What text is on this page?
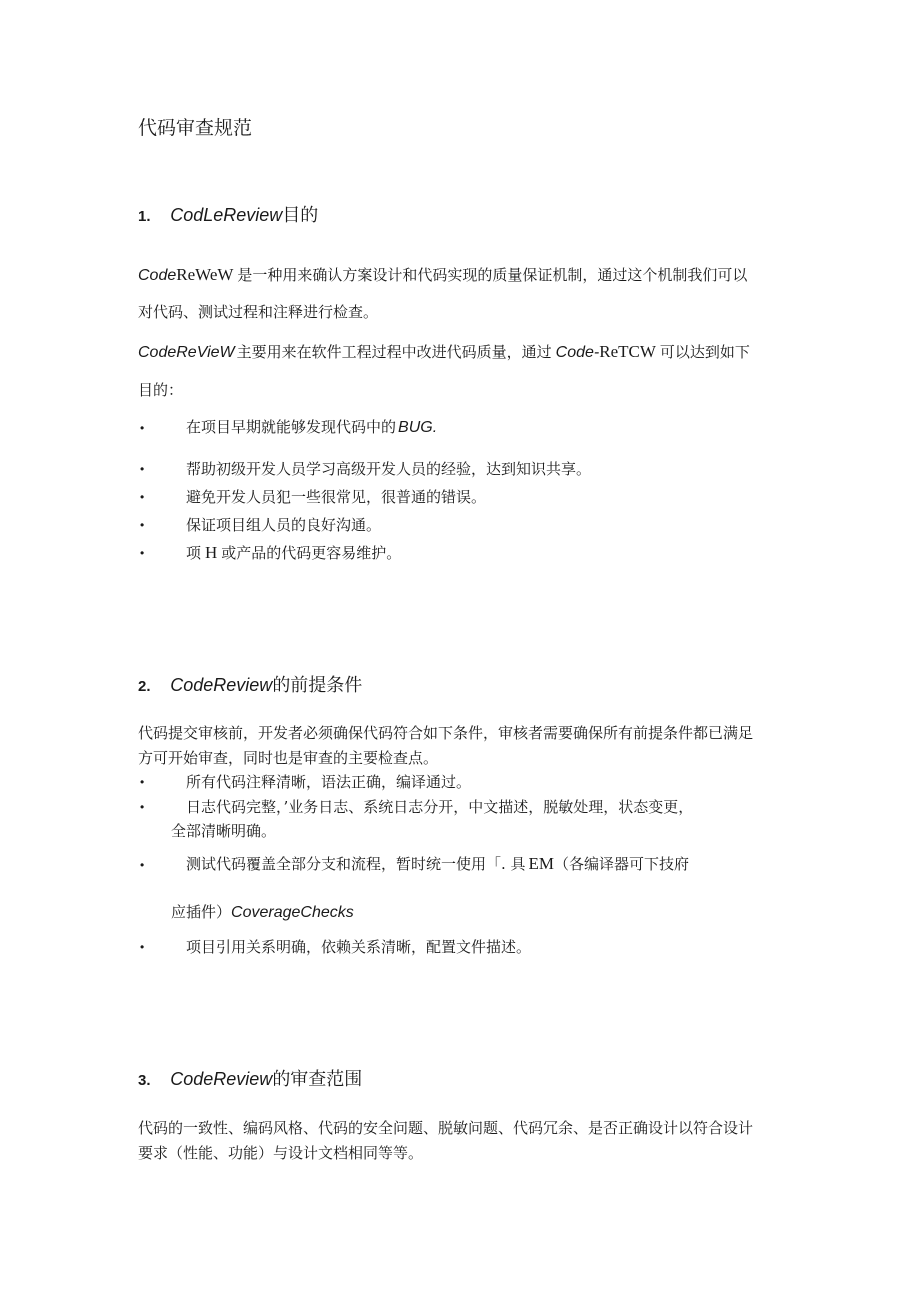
代码审查规范
1. CodLeReview目的
CodeReWeW 是一种用来确认方案设计和代码实现的质量保证机制，通过这个机制我们可以
对代码、测试过程和注释进行检查。
CodeReVieW 主要用来在软件工程过程中改进代码质量，通过 Code-ReTCW 可以达到如下
目的：
•	在项目早期就能够发现代码中的 BUG.
•	帮助初级开发人员学习高级开发人员的经验，达到知识共享。
•	避免开发人员犯一些很常见，很普通的错误。
•	保证项目组人员的良好沟通。
•	项 H 或产品的代码更容易维护。
2. CodeReview的前提条件
代码提交审核前，开发者必须确保代码符合如下条件，审核者需要确保所有前提条件都已满足
方可开始审查，同时也是审查的主要检查点。
•	所有代码注释清晰，语法正确，编译通过。
•	日志代码完整，’业务日志、系统日志分开，中文描述，脱敏处理，状态变更，
全部清晰明确。
•	测试代码覆盖全部分支和流程，暂时统一使用「. 具 EM（各编译器可下技府
应插件）CoverageChecks
•	项目引用关系明确，依赖关系清晰，配置文件描述。
3. CodeReview的审查范围
代码的一致性、编码风格、代码的安全问题、脱敏问题、代码冗余、是否正确设计以符合设计
要求（性能、功能）与设计文档相同等等。
